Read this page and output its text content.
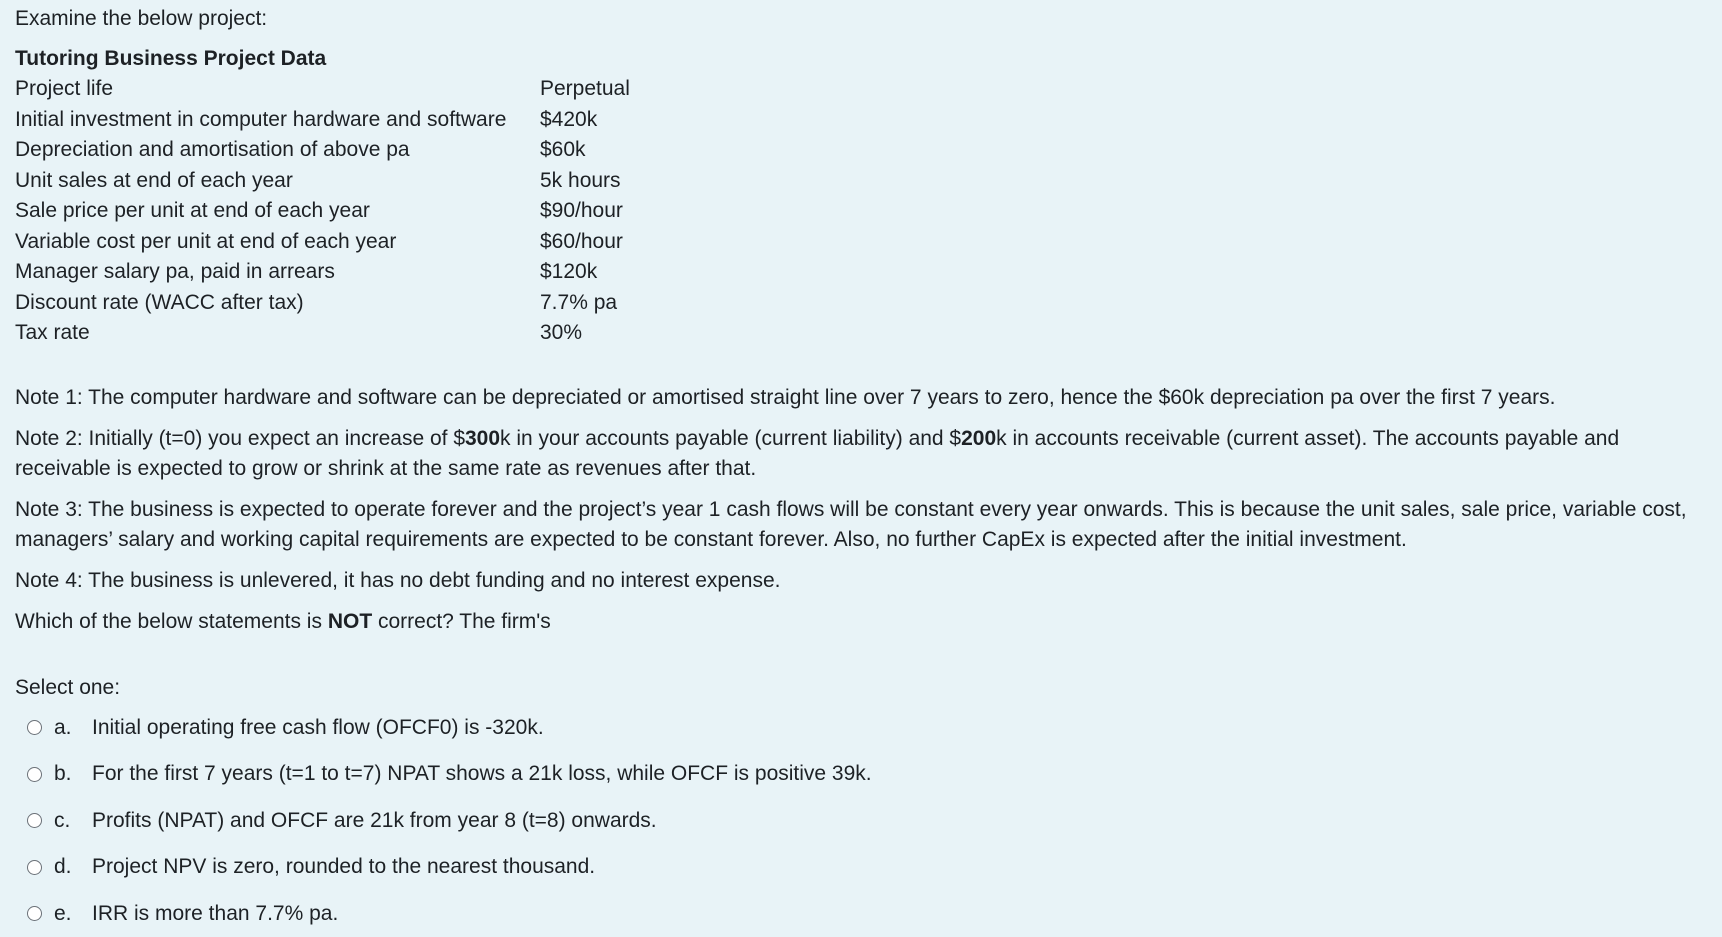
Examine the below project:
Tutoring Business Project Data
Project life	Perpetual
Initial investment in computer hardware and software	$420k
Depreciation and amortisation of above pa	$60k
Unit sales at end of each year	5k hours
Sale price per unit at end of each year	$90/hour
Variable cost per unit at end of each year	$60/hour
Manager salary pa, paid in arrears	$120k
Discount rate (WACC after tax)	7.7% pa
Tax rate	30%

Note 1: The computer hardware and software can be depreciated or amortised straight line over 7 years to zero, hence the $60k depreciation pa over the first 7 years.

Note 2: Initially (t=0) you expect an increase of $300k in your accounts payable (current liability) and $200k in accounts receivable (current asset). The accounts payable and receivable is expected to grow or shrink at the same rate as revenues after that.

Note 3: The business is expected to operate forever and the project’s year 1 cash flows will be constant every year onwards. This is because the unit sales, sale price, variable cost, managers’ salary and working capital requirements are expected to be constant forever. Also, no further CapEx is expected after the initial investment.

Note 4: The business is unlevered, it has no debt funding and no interest expense.

Which of the below statements is NOT correct? The firm's

Select one:
a. Initial operating free cash flow (OFCF0) is -320k.
b. For the first 7 years (t=1 to t=7) NPAT shows a 21k loss, while OFCF is positive 39k.
c.	Profits (NPAT) and OFCF are 21k from year 8 (t=8) onwards.
d. Project NPV is zero, rounded to the nearest thousand.
e. IRR is more than 7.7% pa.
